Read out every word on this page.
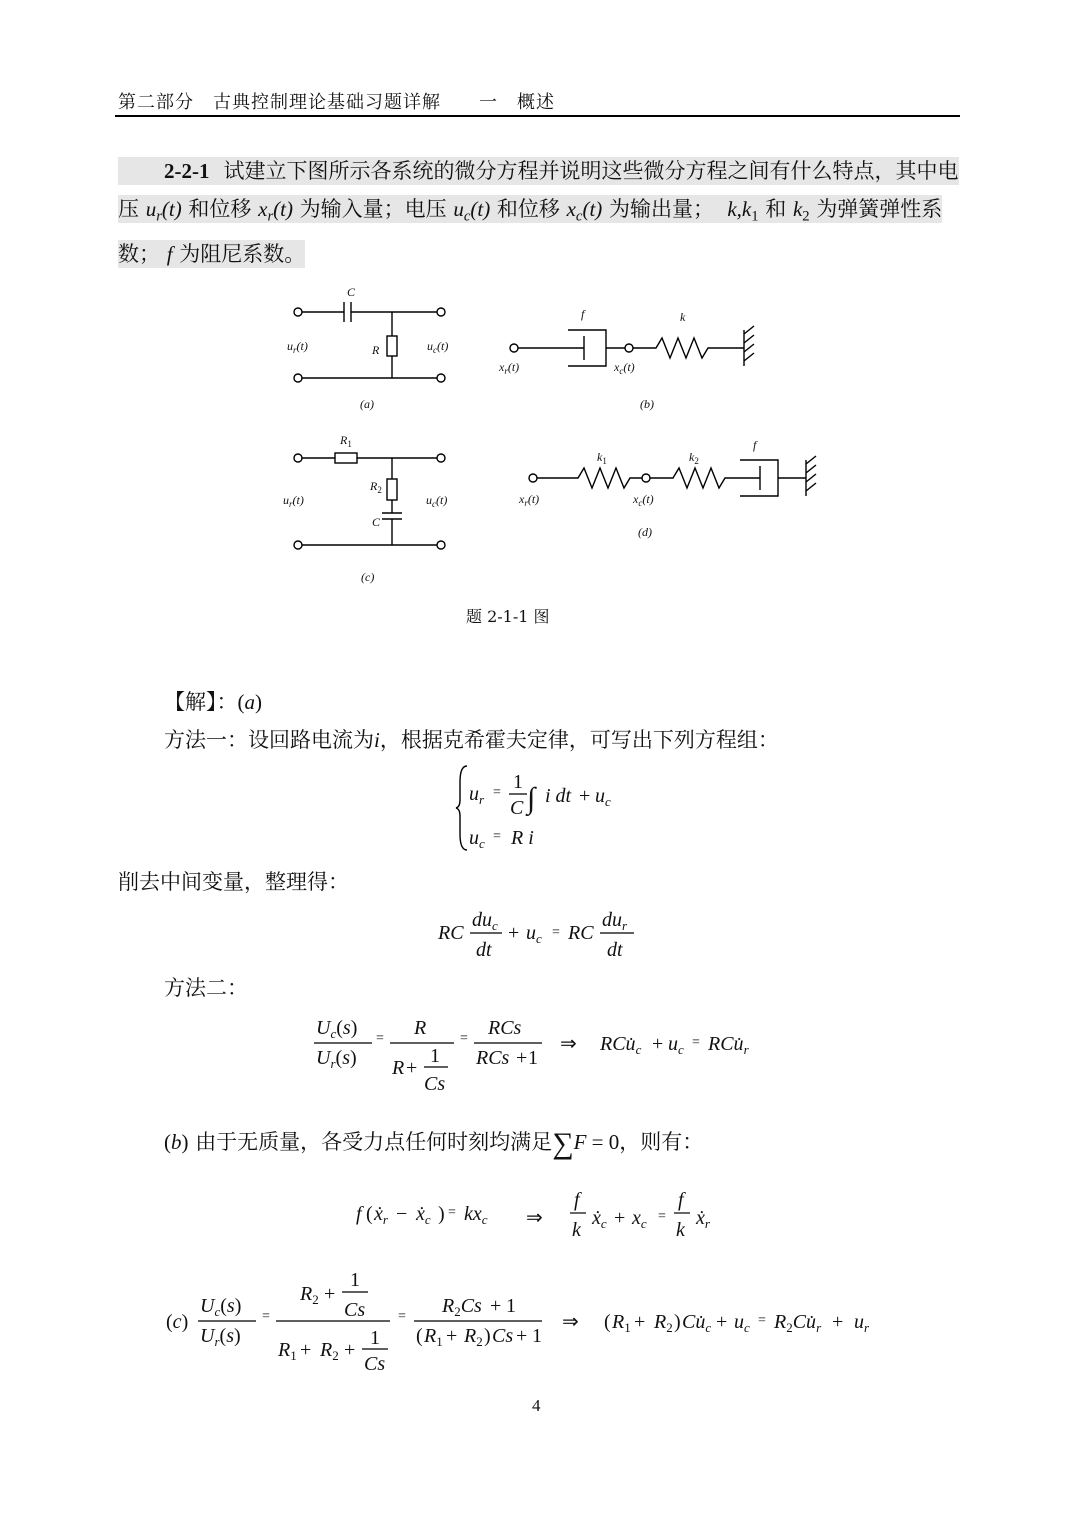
第二部分　古典控制理论基础习题详解　　一　概述
2-2-1 试建立下图所示各系统的微分方程并说明这些微分方程之间有什么特点，其中电压 $u_r(t)$ 和位移 $x_r(t)$ 为输入量；电压 $u_c(t)$ 和位移 $x_c(t)$ 为输出量； $k,k_1$ 和 $k_2$ 为弹簧弹性系数； f 为阻尼系数。
C
R
$u_r(t)$	$u_c(t)$
(a)
f	k
$x_r(t)$	$x_c(t)$
(b)
$R_1$
$R_2$
C
$u_r(t)$	$u_c(t)$
(c)
$k_1$	$k_2$
f
$x_r(t)$	$x_c(t)$
(d)
题 2-1-1 图
【解】：(a)
方法一：设回路电流为i，根据克希霍夫定律，可写出下列方程组：
$u_r = 1$
C ∫ i dt + $u_c$
$u_c = R$ i
削去中间变量，整理得：
RC
$du_c$
dt
+ $u_c$ = RC
$du_r$
dt
方法二：
$U_c(s)$
$U_r(s)$
= R
R +
1
Cs
= RCs
RCs + 1
⇒ $RCu̇_c + u_c$ = $RCu̇_r$
(b) 由于无质量，各受力点任何时刻均满足∑F = 0，则有：
f ( ẋ$_r$ − ẋ$_c$ ) = $kx_c$ ⇒
f
k
ẋ$_c$ + $x_c$ =
f
k
ẋ$_r$
(c)
$U_c(s)$
$U_r(s)$
=
$R_2$ +
1
Cs
$R_1 + R_2$ +
1
Cs
= $R_2Cs + 1$
( $R_1 + R_2$ ) Cs + 1
⇒ ( $R_1 + R_2$ ) $Cu̇_c + u_c$ = $R_2Cu̇_r + u_r$
4
